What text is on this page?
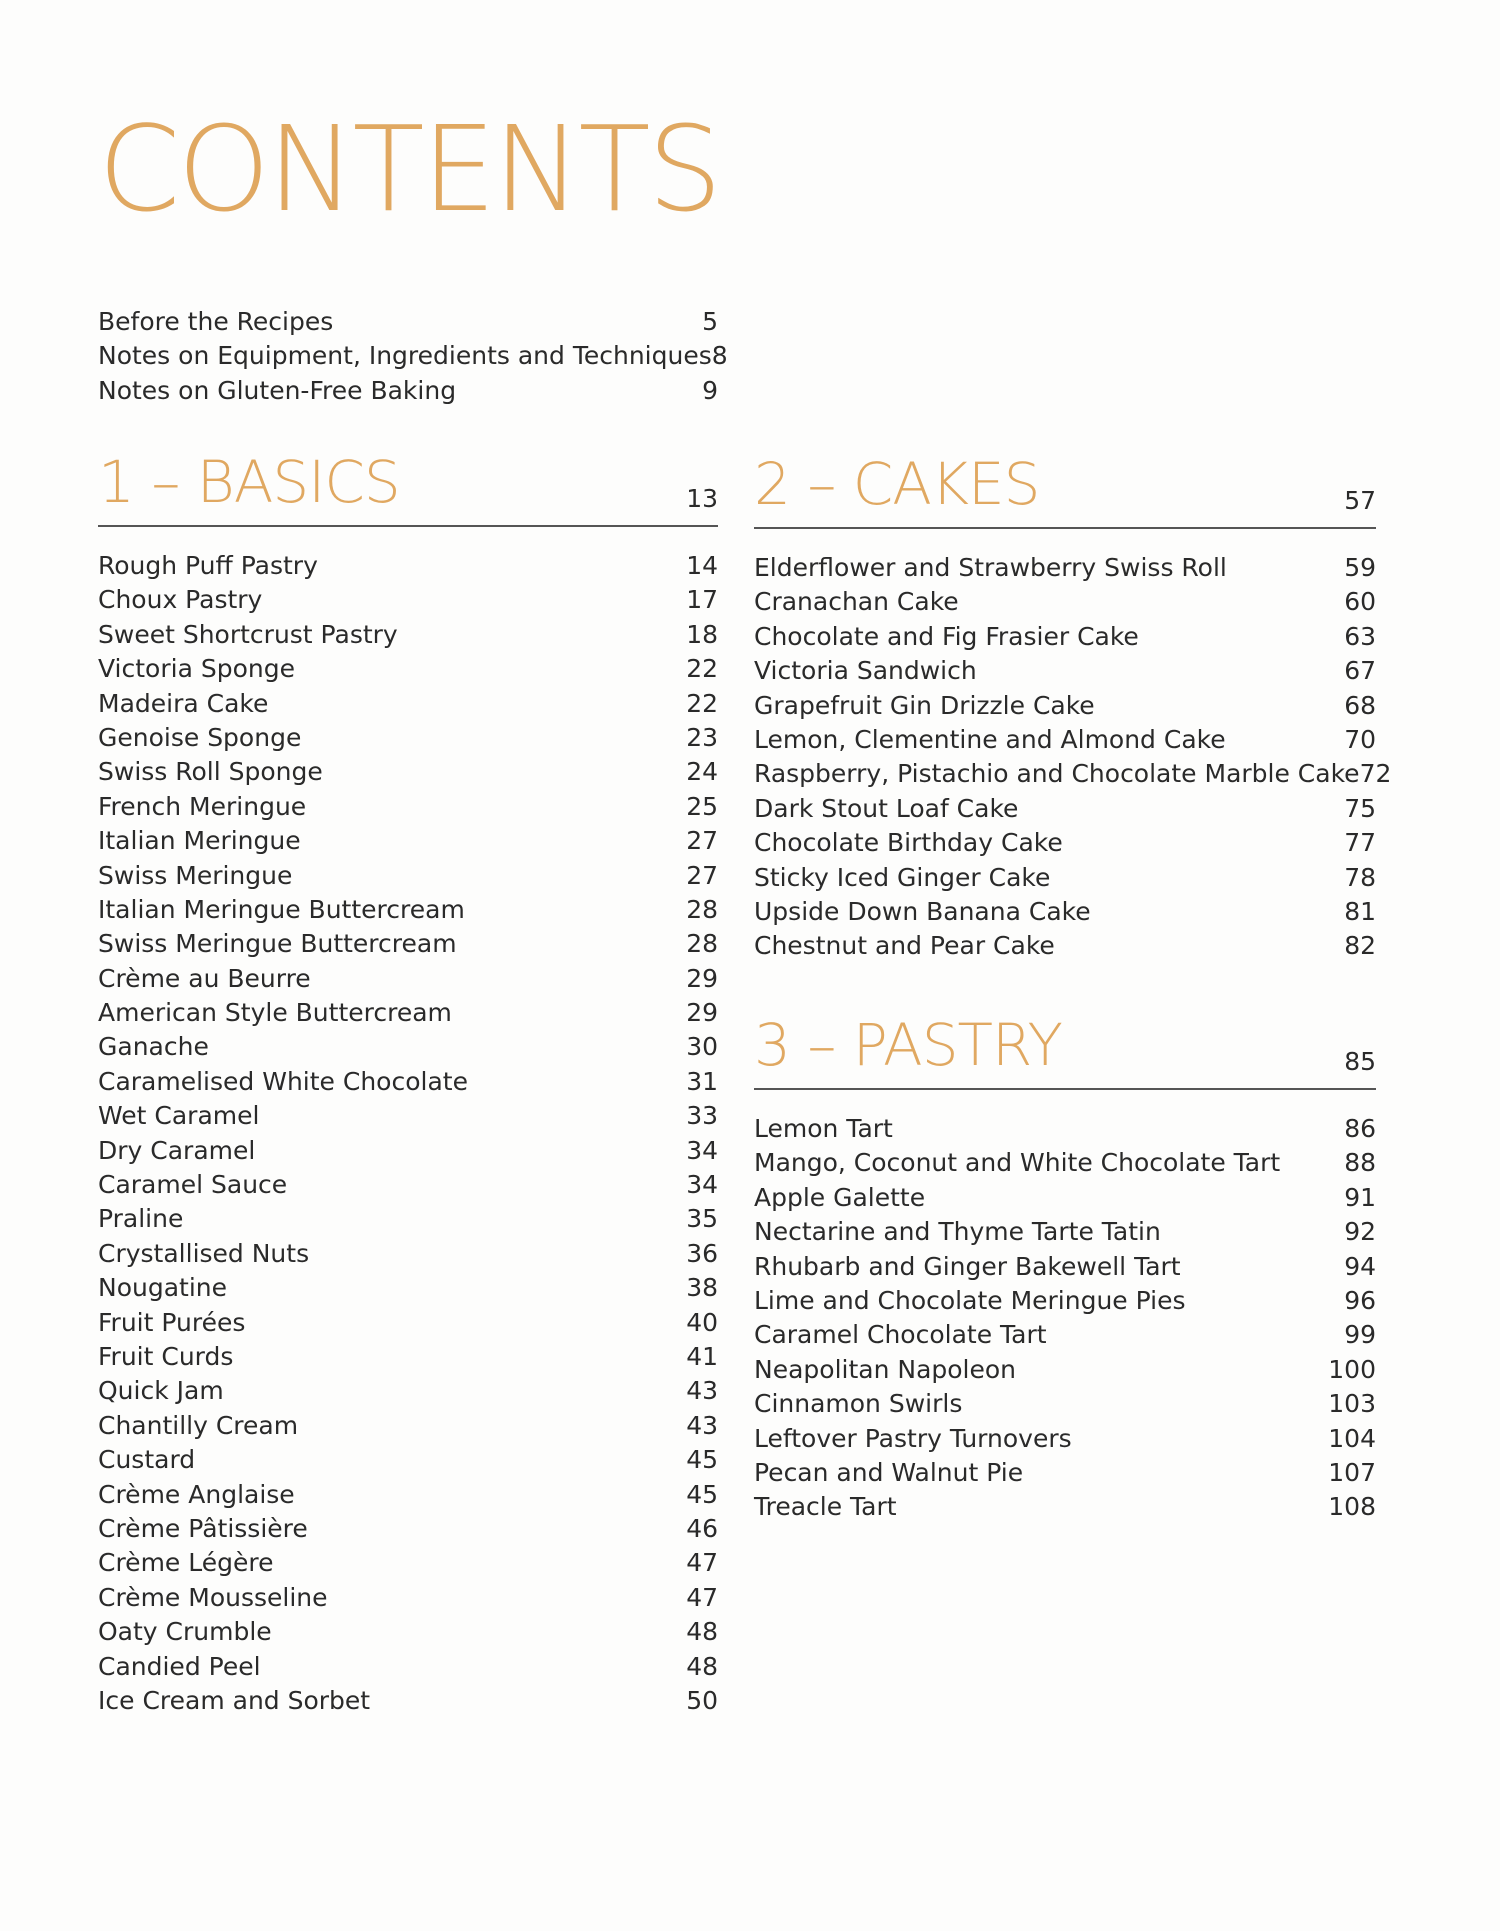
CONTENTS
Before the Recipes	5
Notes on Equipment, Ingredients and Techniques 8
Notes on Gluten-Free Baking	9
1 – BASICS	13
Rough Puff Pastry	14
Choux Pastry	17
Sweet Shortcrust Pastry	18
Victoria Sponge	22
Madeira Cake	22
Genoise Sponge	23
Swiss Roll Sponge	24
French Meringue	25
Italian Meringue	27
Swiss Meringue	27
Italian Meringue Buttercream	28
Swiss Meringue Buttercream	28
Crème au Beurre	29
American Style Buttercream	29
Ganache	30
Caramelised White Chocolate	31
Wet Caramel	33
Dry Caramel	34
Caramel Sauce	34
Praline	35
Crystallised Nuts	36
Nougatine	38
Fruit Purées	40
Fruit Curds	41
Quick Jam	43
Chantilly Cream	43
Custard	45
Crème Anglaise	45
Crème Pâtissière	46
Crème Légère	47
Crème Mousseline	47
Oaty Crumble	48
Candied Peel	48
Ice Cream and Sorbet	50
2 – CAKES	57
Elderflower and Strawberry Swiss Roll	59
Cranachan Cake	60
Chocolate and Fig Frasier Cake	63
Victoria Sandwich	67
Grapefruit Gin Drizzle Cake	68
Lemon, Clementine and Almond Cake	70
Raspberry, Pistachio and Chocolate Marble Cake 72
Dark Stout Loaf Cake	75
Chocolate Birthday Cake	77
Sticky Iced Ginger Cake	78
Upside Down Banana Cake	81
Chestnut and Pear Cake	82
3 – PASTRY	85
Lemon Tart	86
Mango, Coconut and White Chocolate Tart	88
Apple Galette	91
Nectarine and Thyme Tarte Tatin	92
Rhubarb and Ginger Bakewell Tart	94
Lime and Chocolate Meringue Pies	96
Caramel Chocolate Tart	99
Neapolitan Napoleon	100
Cinnamon Swirls	103
Leftover Pastry Turnovers	104
Pecan and Walnut Pie	107
Treacle Tart	108
